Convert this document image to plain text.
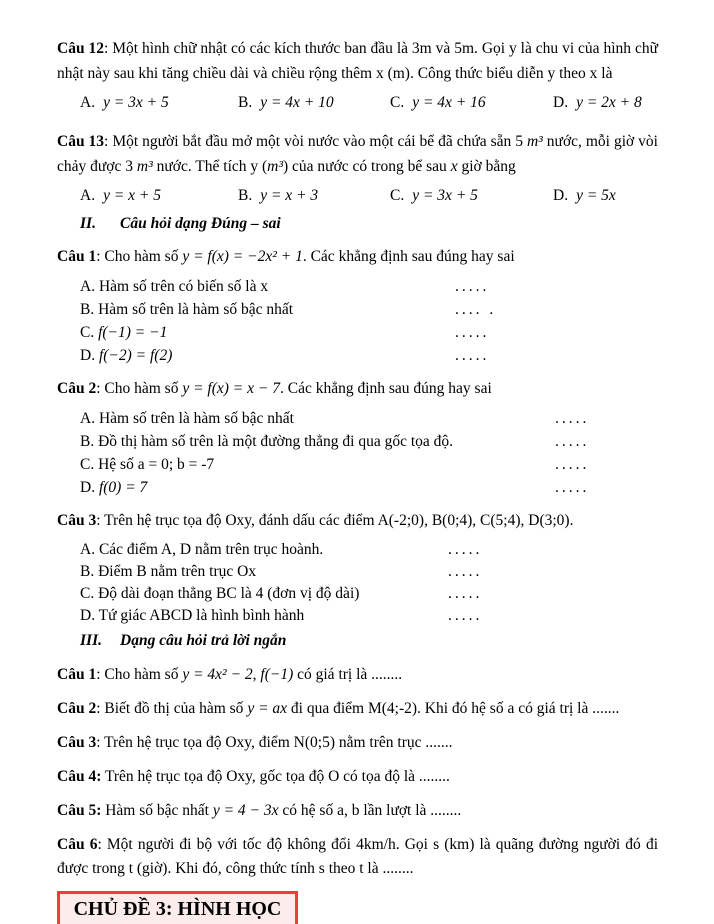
Câu 12: Một hình chữ nhật có các kích thước ban đầu là 3m và 5m. Gọi y là chu vi của hình chữ nhật này sau khi tăng chiều dài và chiều rộng thêm x (m). Công thức biểu diễn y theo x là

A. y = 3x + 5	B. y = 4x + 10	C. y = 4x + 16	D. y = 2x + 8

Câu 13: Một người bắt đầu mở một vòi nước vào một cái bể đã chứa sẵn 5 m³ nước, mỗi giờ vòi chảy được 3 m³ nước. Thể tích y (m³) của nước có trong bể sau x giờ bằng

A. y = x + 5	B. y = x + 3	C. y = 3x + 5	D. y = 5x

II. Câu hỏi dạng Đúng – sai

Câu 1: Cho hàm số y = f(x) = −2x² + 1. Các khẳng định sau đúng hay sai

A. Hàm số trên có biến số là x	.....
B. Hàm số trên là hàm số bậc nhất	.... .
C. f(−1) = −1	.....
D. f(−2) = f(2)	.....

Câu 2: Cho hàm số y = f(x) = x − 7. Các khẳng định sau đúng hay sai

A. Hàm số trên là hàm số bậc nhất	.....
B. Đồ thị hàm số trên là một đường thẳng đi qua gốc tọa độ.	.....
C. Hệ số a = 0; b = -7	.....
D. f(0) = 7	.....

Câu 3: Trên hệ trục tọa độ Oxy, đánh dấu các điểm A(-2;0), B(0;4), C(5;4), D(3;0).

A. Các điểm A, D nằm trên trục hoành.	.....
B. Điểm B nằm trên trục Ox	.....
C. Độ dài đoạn thẳng BC là 4 (đơn vị độ dài)	.....
D. Tứ giác ABCD là hình bình hành	.....

III. Dạng câu hỏi trả lời ngắn

Câu 1: Cho hàm số y = 4x² − 2, f(−1) có giá trị là ........

Câu 2: Biết đồ thị của hàm số y = ax đi qua điểm M(4;-2). Khi đó hệ số a có giá trị là .......

Câu 3: Trên hệ trục tọa độ Oxy, điểm N(0;5) nằm trên trục .......

Câu 4: Trên hệ trục tọa độ Oxy, gốc tọa độ O có tọa độ là ........

Câu 5: Hàm số bậc nhất y = 4 − 3x có hệ số a, b lần lượt là ........

Câu 6: Một người đi bộ với tốc độ không đổi 4km/h. Gọi s (km) là quãng đường người đó đi được trong t (giờ). Khi đó, công thức tính s theo t là ........

CHỦ ĐỀ 3: HÌNH HỌC
